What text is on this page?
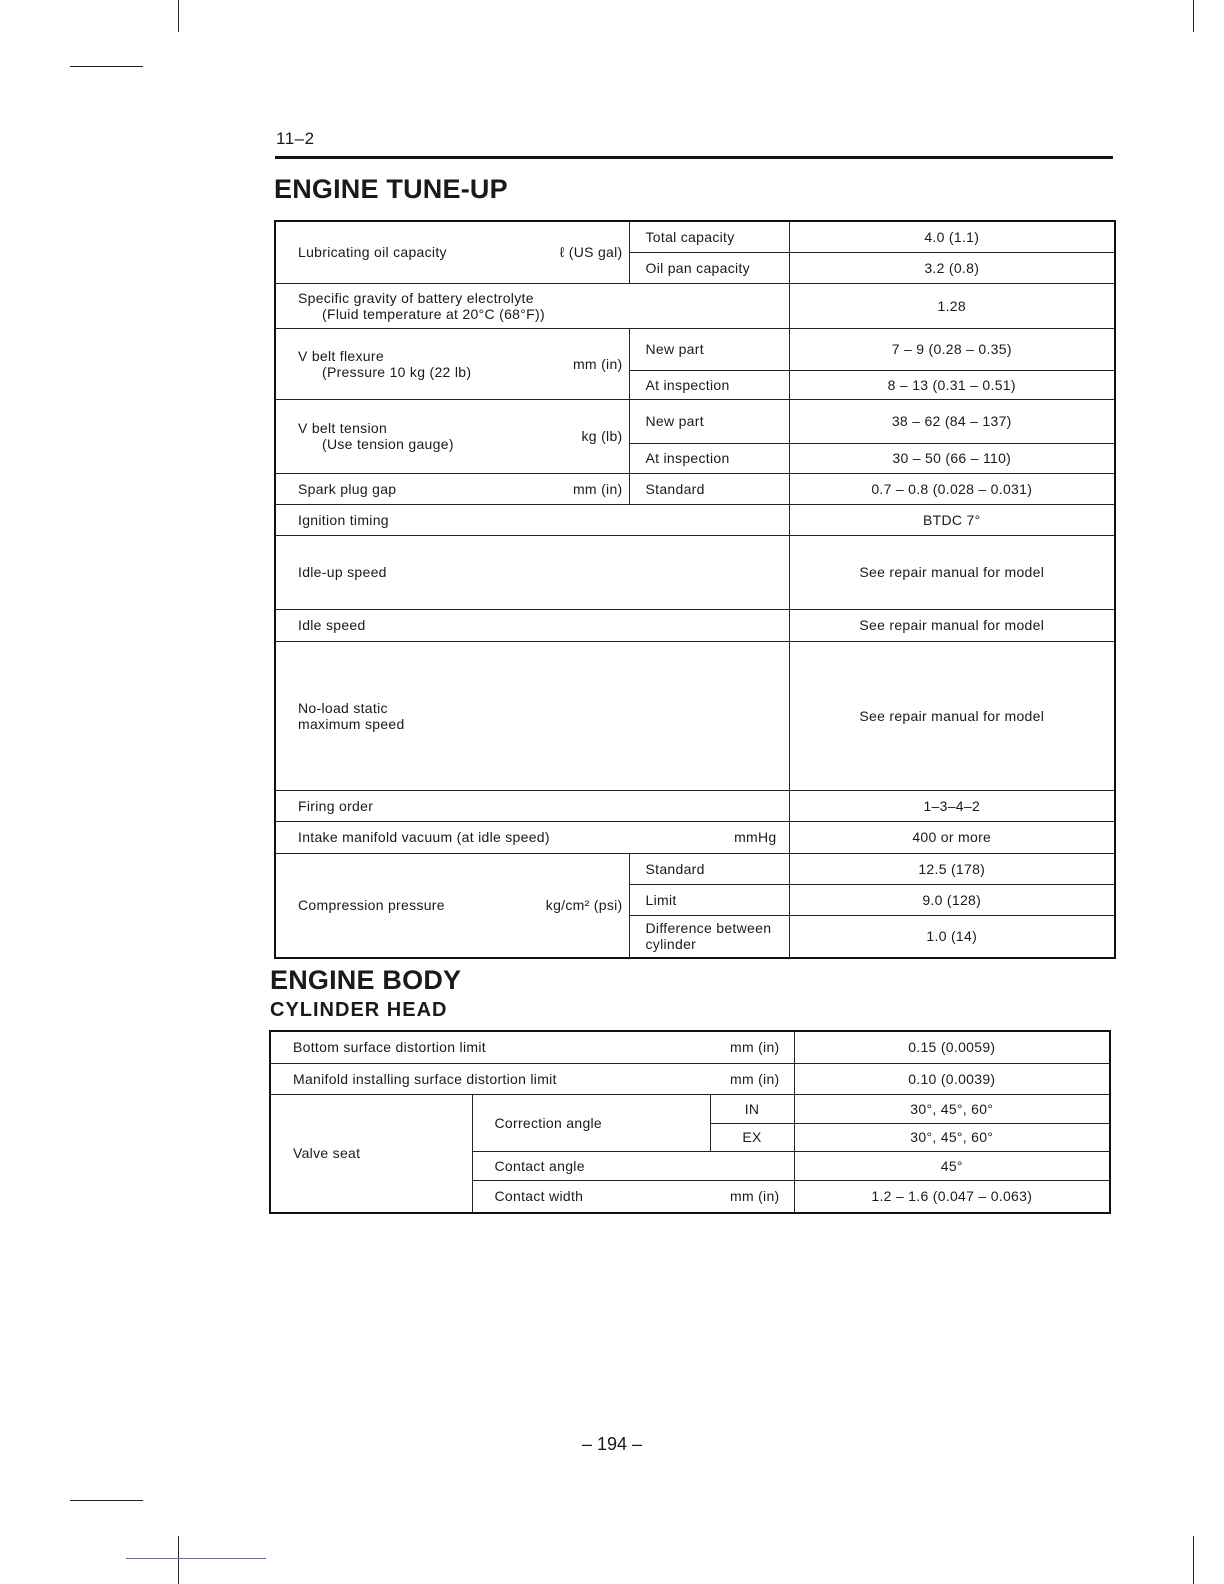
11–2
ENGINE TUNE-UP
Lubricating oil capacity ℓ (US gal)	Total capacity	4.0 (1.1)
	Oil pan capacity	3.2 (0.8)
Specific gravity of battery electrolyte
(Fluid temperature at 20°C (68°F))		1.28

V belt flexure
(Pressure 10 kg (22 lb) mm (in)	New part	7 – 9 (0.28 – 0.35)
	At inspection	8 – 13 (0.31 – 0.51)

V belt tension
(Use tension gauge) kg (lb)	New part	38 – 62 (84 – 137)
	At inspection	30 – 50 (66 – 110)

Spark plug gap mm (in)	Standard	0.7 – 0.8 (0.028 – 0.031)
Ignition timing		BTDC 7°
Idle-up speed		See repair manual for model
Idle speed		See repair manual for model

No-load static
maximum speed		See repair manual for model
Firing order		1–3–4–2

Intake manifold vacuum (at idle speed) mmHg		400 or more

Compression pressure kg/cm² (psi)	Standard	12.5 (178)
	Limit	9.0 (128)
	Difference between cylinder	1.0 (14)
ENGINE BODY
CYLINDER HEAD
Bottom surface distortion limit mm (in)			0.15 (0.0059)

Manifold installing surface distortion limit mm (in)			0.10 (0.0039)
Valve seat	Correction angle	IN	30°, 45°, 60°
		EX	30°, 45°, 60°
	Contact angle		45°

	Contact width mm (in)		1.2 – 1.6 (0.047 – 0.063)
– 194 –
